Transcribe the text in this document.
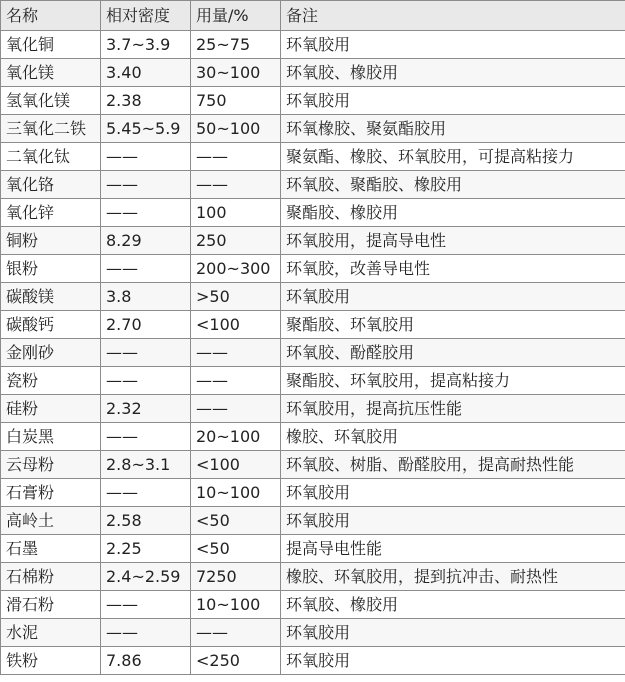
名称	相对密度	用量/%	备注
氧化铜	3.7~3.9	25~75	环氧胶用
氧化镁	3.40	30~100	环氧胶、橡胶用
氢氧化镁	2.38	750	环氧胶用
三氧化二铁	5.45~5.9	50~100	环氧橡胶、聚氨酯胶用
二氧化钛	——	——	聚氨酯、橡胶、环氧胶用，可提高粘接力
氧化铬	——	——	环氧胶、聚酯胶、橡胶用
氧化锌	——	100	聚酯胶、橡胶用
铜粉	8.29	250	环氧胶用，提高导电性
银粉	——	200~300	环氧胶，改善导电性
碳酸镁	3.8	>50	环氧胶用
碳酸钙	2.70	<100	聚酯胶、环氧胶用
金刚砂	——	——	环氧胶、酚醛胶用
瓷粉	——	——	聚酯胶、环氧胶用，提高粘接力
硅粉	2.32	——	环氧胶用，提高抗压性能
白炭黑	——	20~100	橡胶、环氧胶用
云母粉	2.8~3.1	<100	环氧胶、树脂、酚醛胶用，提高耐热性能
石膏粉	——	10~100	环氧胶用
高岭土	2.58	<50	环氧胶用
石墨	2.25	<50	提高导电性能
石棉粉	2.4~2.59	7250	橡胶、环氧胶用，提到抗冲击、耐热性
滑石粉	——	10~100	环氧胶、橡胶用
水泥	——	——	环氧胶用
铁粉	7.86	<250	环氧胶用
